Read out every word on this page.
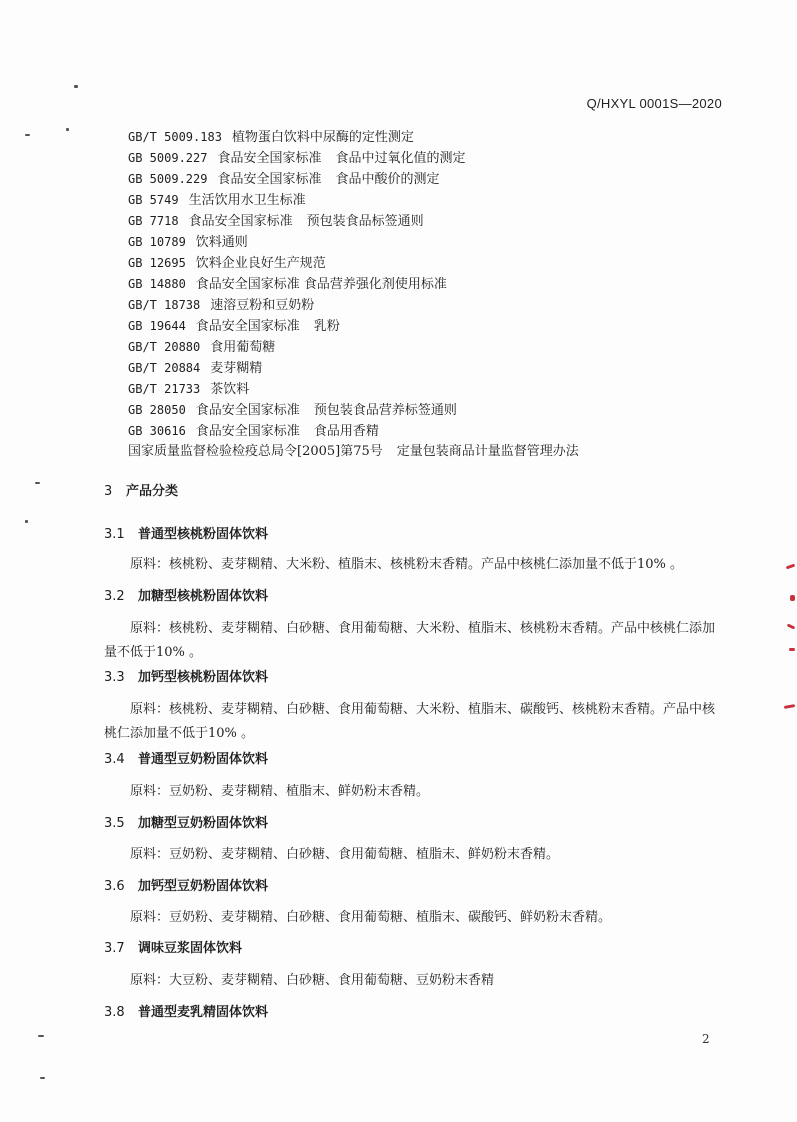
Q/HXYL 0001S—2020
GB/T 5009.183 植物蛋白饮料中尿酶的定性测定
GB 5009.227 食品安全国家标准 食品中过氧化值的测定
GB 5009.229 食品安全国家标准 食品中酸价的测定
GB 5749 生活饮用水卫生标准
GB 7718 食品安全国家标准 预包装食品标签通则
GB 10789 饮料通则
GB 12695 饮料企业良好生产规范
GB 14880 食品安全国家标准 食品营养强化剂使用标准
GB/T 18738 速溶豆粉和豆奶粉
GB 19644 食品安全国家标准 乳粉
GB/T 20880 食用葡萄糖
GB/T 20884 麦芽糊精
GB/T 21733 茶饮料
GB 28050 食品安全国家标准 预包装食品营养标签通则
GB 30616 食品安全国家标准 食品用香精
国家质量监督检验检疫总局令[2005]第75号 定量包装商品计量监督管理办法
3 产品分类
3.1 普通型核桃粉固体饮料

原料：核桃粉、麦芽糊精、大米粉、植脂末、核桃粉末香精。产品中核桃仁添加量不低于10% 。

3.2 加糖型核桃粉固体饮料

原料：核桃粉、麦芽糊精、白砂糖、食用葡萄糖、大米粉、植脂末、核桃粉末香精。产品中核桃仁添加量不低于10% 。

3.3 加钙型核桃粉固体饮料

原料：核桃粉、麦芽糊精、白砂糖、食用葡萄糖、大米粉、植脂末、碳酸钙、核桃粉末香精。产品中核桃仁添加量不低于10% 。

3.4 普通型豆奶粉固体饮料

原料：豆奶粉、麦芽糊精、植脂末、鲜奶粉末香精。

3.5 加糖型豆奶粉固体饮料

原料：豆奶粉、麦芽糊精、白砂糖、食用葡萄糖、植脂末、鲜奶粉末香精。

3.6 加钙型豆奶粉固体饮料

原料：豆奶粉、麦芽糊精、白砂糖、食用葡萄糖、植脂末、碳酸钙、鲜奶粉末香精。

3.7 调味豆浆固体饮料

原料：大豆粉、麦芽糊精、白砂糖、食用葡萄糖、豆奶粉末香精

3.8 普通型麦乳精固体饮料
2
